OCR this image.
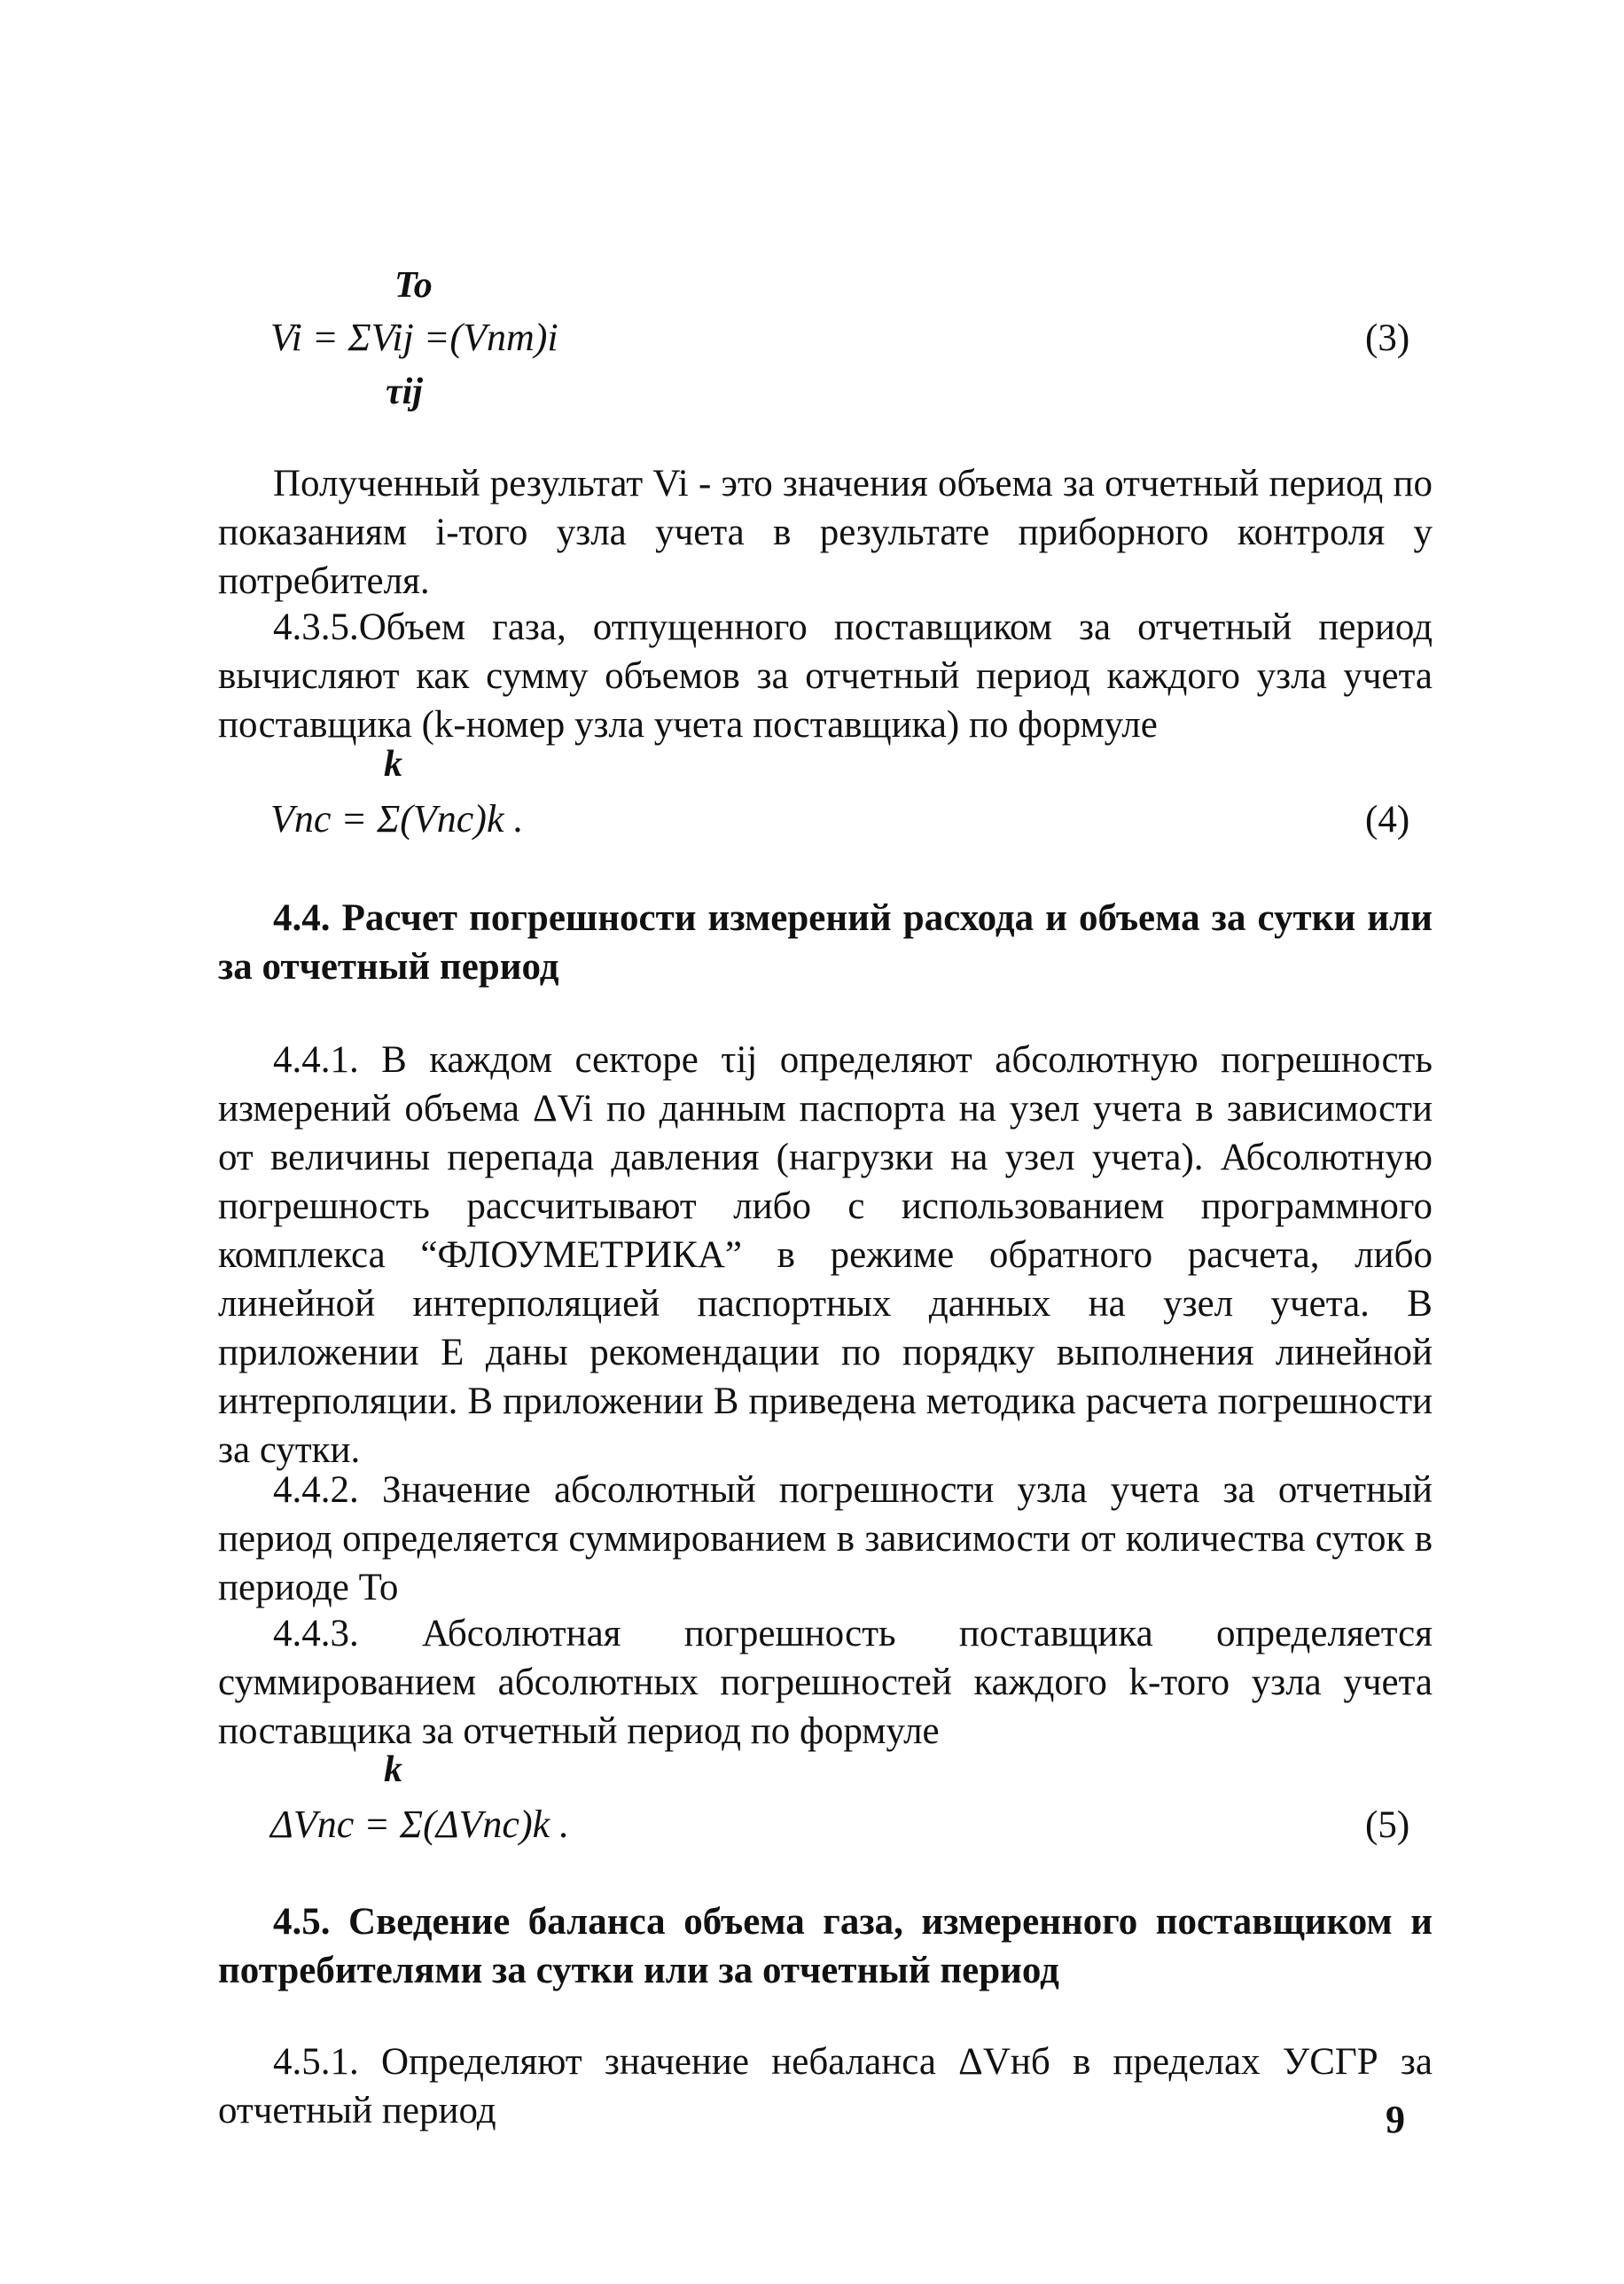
To
Vi = ΣVij =(Vnm)i
τij
(3)

Полученный результат Vi - это значения объема за отчетный период по показаниям i-того узла учета в результате приборного контроля у потребителя.

4.3.5.Объем газа, отпущенного поставщиком за отчетный период вычисляют как сумму объемов за отчетный период каждого узла учета поставщика (k-номер узла учета поставщика) по формуле

k
Vnc = Σ(Vnc)k .	(4)

4.4. Расчет погрешности измерений расхода и объема за сутки или за отчетный период

4.4.1. В каждом секторе τij определяют абсолютную погрешность измерений объема ΔVi по данным паспорта на узел учета в зависимости от величины перепада давления (нагрузки на узел учета). Абсолютную погрешность рассчитывают либо с использованием программного комплекса “ФЛОУМЕТРИКА” в режиме обратного расчета, либо линейной интерполяцией паспортных данных на узел учета. В приложении Е даны рекомендации по порядку выполнения линейной интерполяции. В приложении В приведена методика расчета погрешности за сутки.

4.4.2. Значение абсолютный погрешности узла учета за отчетный период определяется суммированием в зависимости от количества суток в периоде To

4.4.3. Абсолютная погрешность поставщика определяется суммированием абсолютных погрешностей каждого k-того узла учета поставщика за отчетный период по формуле

k
ΔVnc = Σ(ΔVnc)k .	(5)

4.5. Сведение баланса объема газа, измеренного поставщиком и потребителями за сутки или за отчетный период

4.5.1. Определяют значение небаланса ΔVнб в пределах УСГР за отчетный период	9
